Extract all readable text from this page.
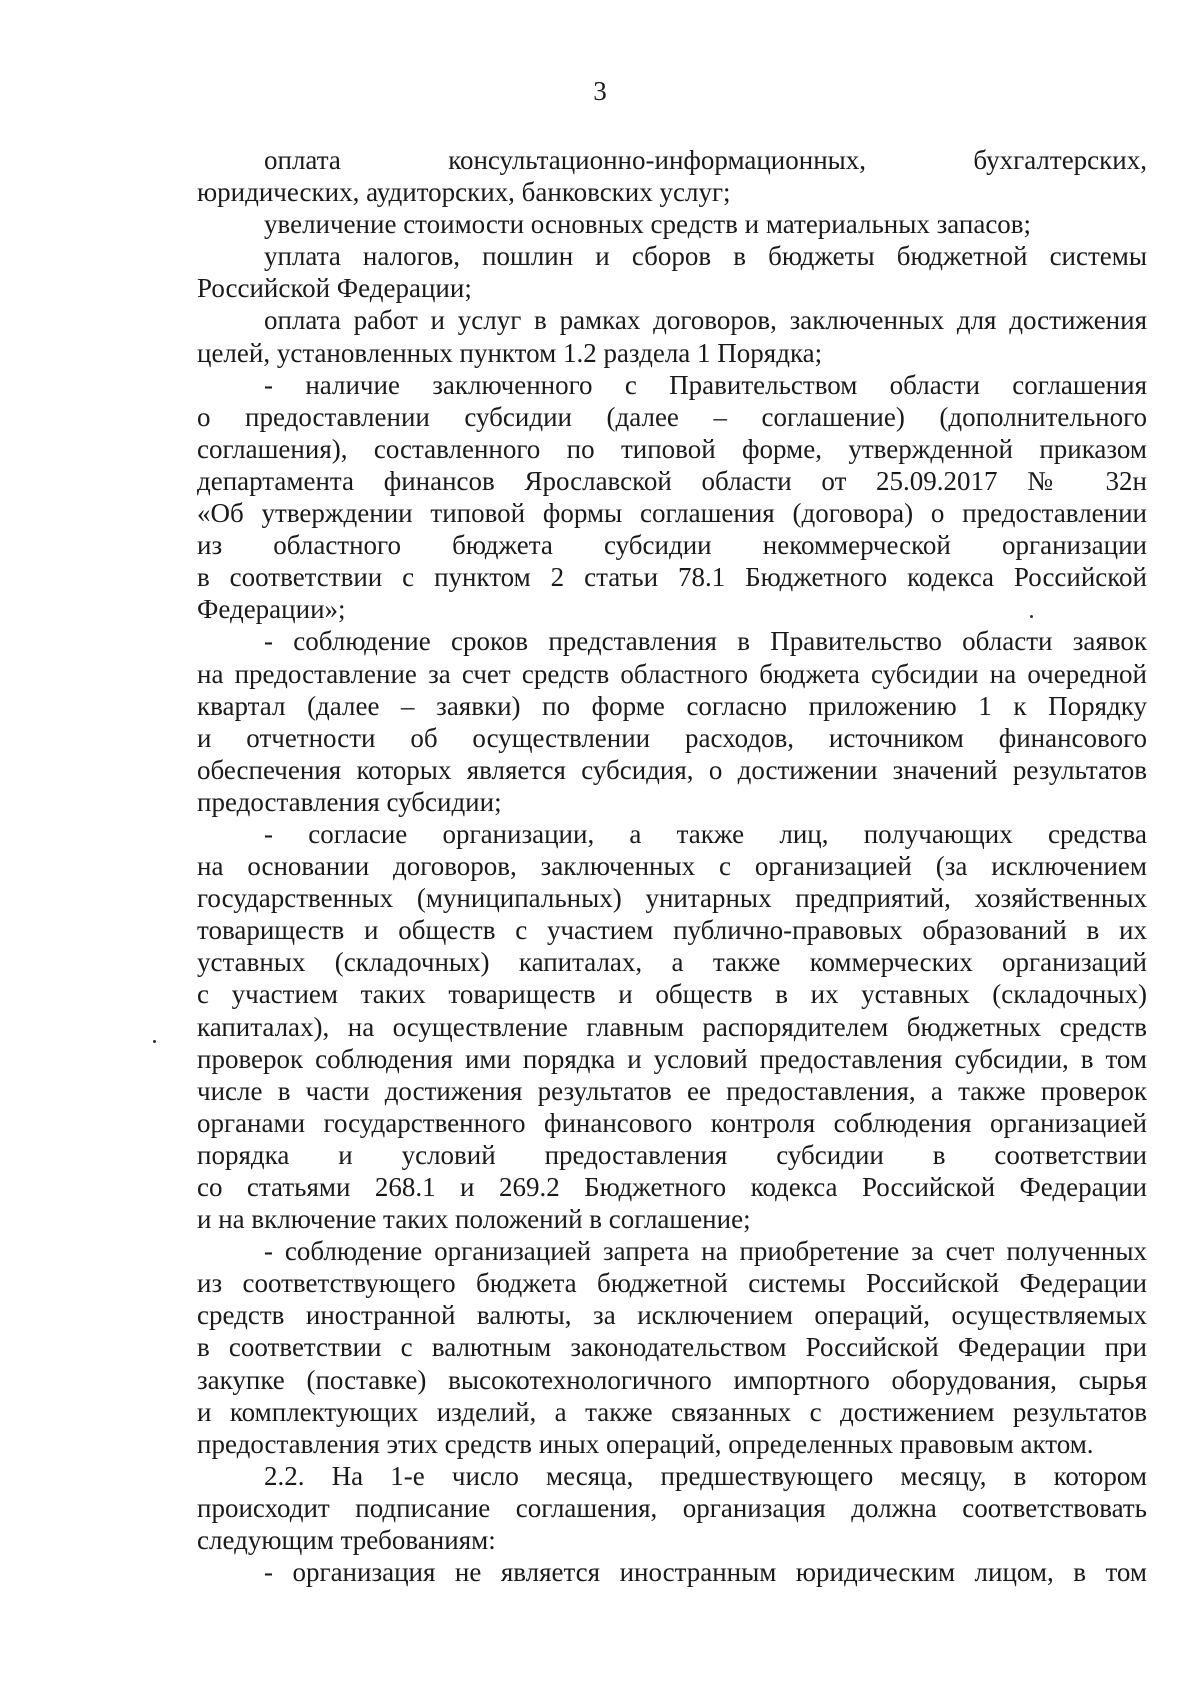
3
оплата консультационно-информационных, бухгалтерских,
юридических, аудиторских, банковских услуг;
увеличение стоимости основных средств и материальных запасов;
уплата налогов, пошлин и сборов в бюджеты бюджетной системы
Российской Федерации;
оплата работ и услуг в рамках договоров, заключенных для достижения
целей, установленных пунктом 1.2 раздела 1 Порядка;
- наличие заключенного с Правительством области соглашения
о предоставлении субсидии (далее – соглашение) (дополнительного
соглашения), составленного по типовой форме, утвержденной приказом
департамента финансов Ярославской области от 25.09.2017 № 32н
«Об утверждении типовой формы соглашения (договора) о предоставлении
из областного бюджета субсидии некоммерческой организации
в соответствии с пунктом 2 статьи 78.1 Бюджетного кодекса Российской
Федерации»;
- соблюдение сроков представления в Правительство области заявок
на предоставление за счет средств областного бюджета субсидии на очередной
квартал (далее – заявки) по форме согласно приложению 1 к Порядку
и отчетности об осуществлении расходов, источником финансового
обеспечения которых является субсидия, о достижении значений результатов
предоставления субсидии;
- согласие организации, а также лиц, получающих средства
на основании договоров, заключенных с организацией (за исключением
государственных (муниципальных) унитарных предприятий, хозяйственных
товариществ и обществ с участием публично-правовых образований в их
уставных (складочных) капиталах, а также коммерческих организаций
с участием таких товариществ и обществ в их уставных (складочных)
капиталах), на осуществление главным распорядителем бюджетных средств
проверок соблюдения ими порядка и условий предоставления субсидии, в том
числе в части достижения результатов ее предоставления, а также проверок
органами государственного финансового контроля соблюдения организацией
порядка и условий предоставления субсидии в соответствии
со статьями 268.1 и 269.2 Бюджетного кодекса Российской Федерации
и на включение таких положений в соглашение;
- соблюдение организацией запрета на приобретение за счет полученных
из соответствующего бюджета бюджетной системы Российской Федерации
средств иностранной валюты, за исключением операций, осуществляемых
в соответствии с валютным законодательством Российской Федерации при
закупке (поставке) высокотехнологичного импортного оборудования, сырья
и комплектующих изделий, а также связанных с достижением результатов
предоставления этих средств иных операций, определенных правовым актом.
2.2. На 1-е число месяца, предшествующего месяцу, в котором
происходит подписание соглашения, организация должна соответствовать
следующим требованиям:
- организация не является иностранным юридическим лицом, в том
